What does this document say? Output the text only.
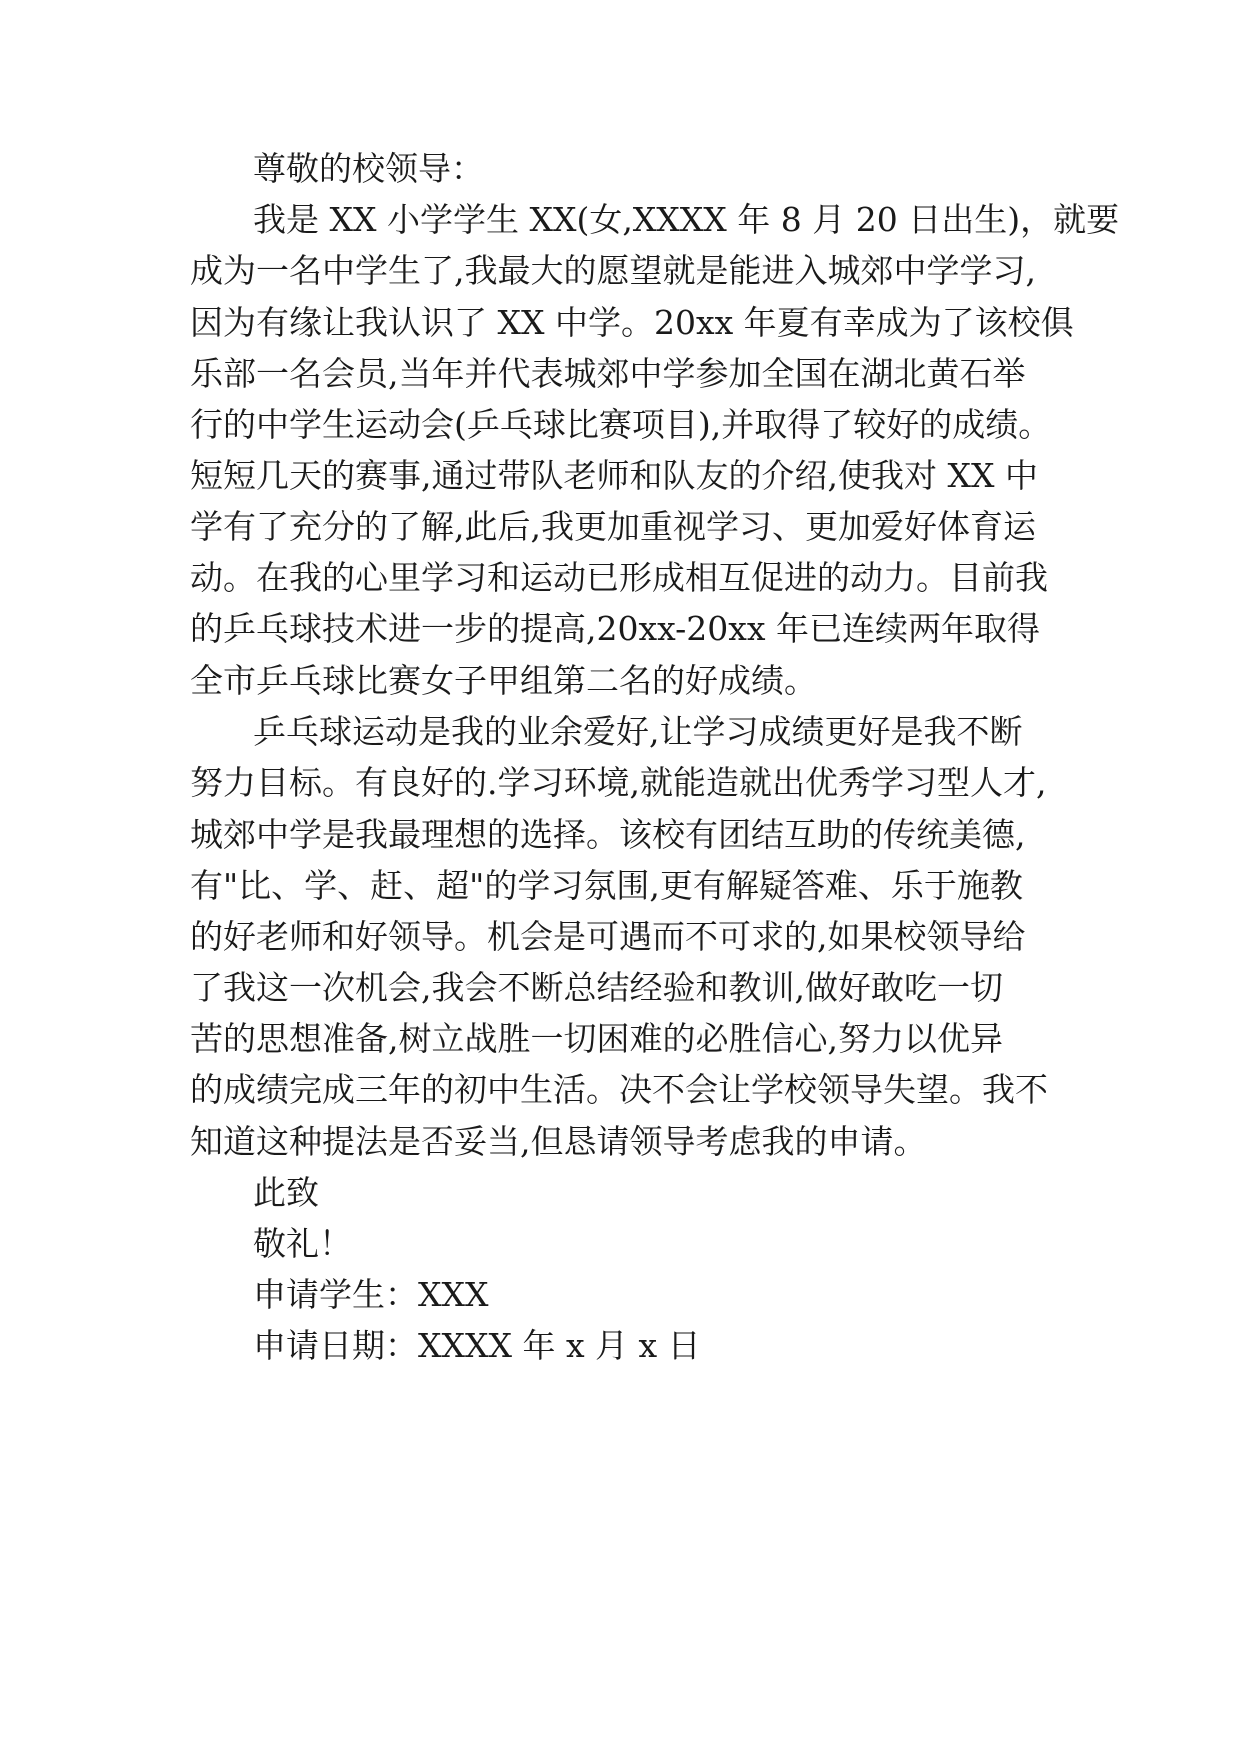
尊敬的校领导：
我是 XX 小学学生 XX(女,XXXX 年 8 月 20 日出生)，就要
成为一名中学生了,我最大的愿望就是能进入城郊中学学习,
因为有缘让我认识了 XX 中学。20xx 年夏有幸成为了该校俱
乐部一名会员,当年并代表城郊中学参加全国在湖北黄石举
行的中学生运动会(乒乓球比赛项目),并取得了较好的成绩。
短短几天的赛事,通过带队老师和队友的介绍,使我对 XX 中
学有了充分的了解,此后,我更加重视学习、更加爱好体育运
动。在我的心里学习和运动已形成相互促进的动力。目前我
的乒乓球技术进一步的提高,20xx-20xx 年已连续两年取得
全市乒乓球比赛女子甲组第二名的好成绩。
乒乓球运动是我的业余爱好,让学习成绩更好是我不断
努力目标。有良好的.学习环境,就能造就出优秀学习型人才,
城郊中学是我最理想的选择。该校有团结互助的传统美德,
有"比、学、赶、超"的学习氛围,更有解疑答难、乐于施教
的好老师和好领导。机会是可遇而不可求的,如果校领导给
了我这一次机会,我会不断总结经验和教训,做好敢吃一切
苦的思想准备,树立战胜一切困难的必胜信心,努力以优异
的成绩完成三年的初中生活。决不会让学校领导失望。我不
知道这种提法是否妥当,但恳请领导考虑我的申请。
此致
敬礼！
申请学生：XXX
申请日期：XXXX 年 x 月 x 日
